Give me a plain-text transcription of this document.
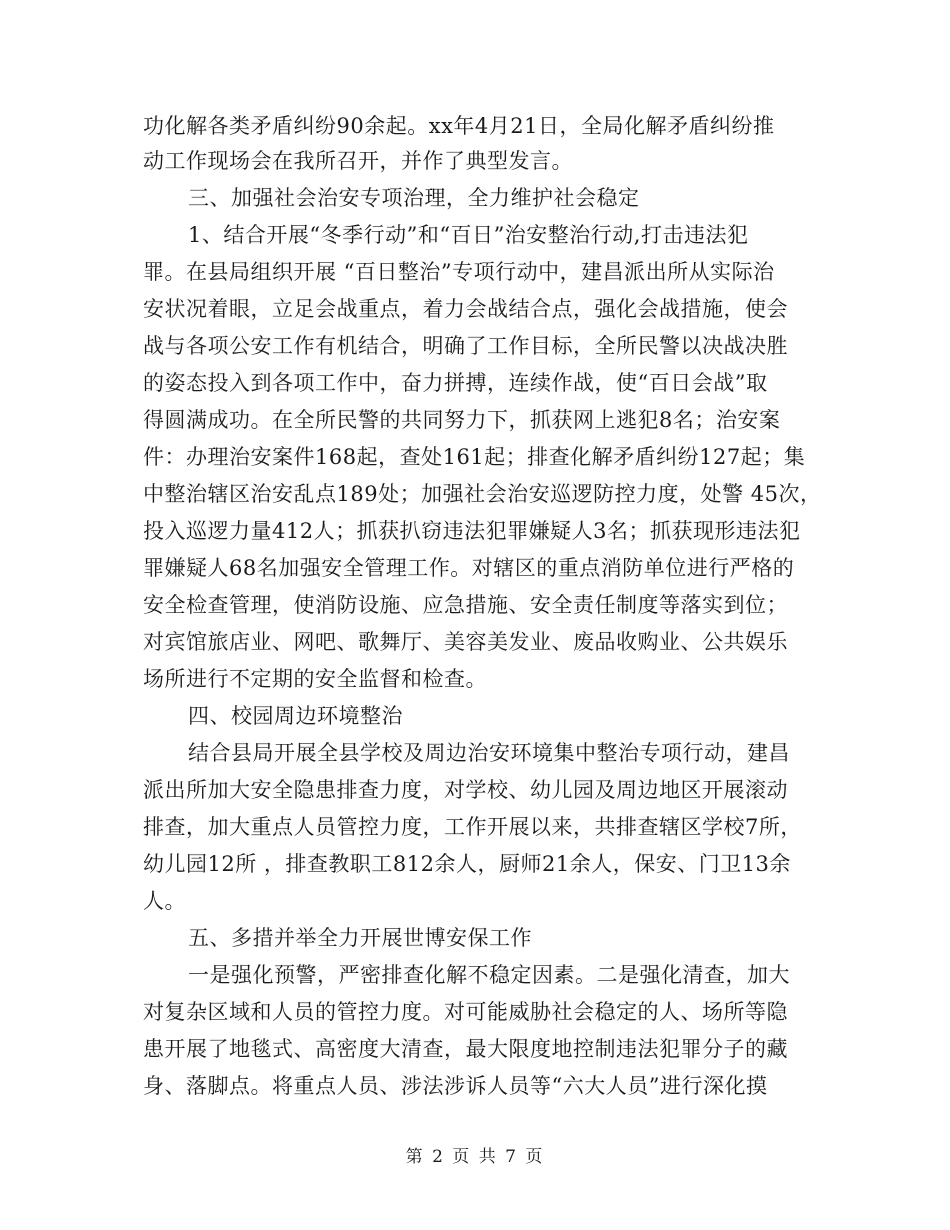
功化解各类矛盾纠纷90余起。xx年4月21日，全局化解矛盾纠纷推
动工作现场会在我所召开，并作了典型发言。
三、加强社会治安专项治理，全力维护社会稳定
1、结合开展“冬季行动”和“百日”治安整治行动,打击违法犯
罪。在县局组织开展 “百日整治”专项行动中，建昌派出所从实际治
安状况着眼，立足会战重点，着力会战结合点，强化会战措施，使会
战与各项公安工作有机结合，明确了工作目标，全所民警以决战决胜
的姿态投入到各项工作中，奋力拼搏，连续作战，使“百日会战”取
得圆满成功。在全所民警的共同努力下，抓获网上逃犯8名；治安案
件：办理治安案件168起，查处161起；排查化解矛盾纠纷127起；集
中整治辖区治安乱点189处；加强社会治安巡逻防控力度，处警 45次，
投入巡逻力量412人；抓获扒窃违法犯罪嫌疑人3名；抓获现形违法犯
罪嫌疑人68名加强安全管理工作。对辖区的重点消防单位进行严格的
安全检查管理，使消防设施、应急措施、安全责任制度等落实到位；
对宾馆旅店业、网吧、歌舞厅、美容美发业、废品收购业、公共娱乐
场所进行不定期的安全监督和检查。
四、校园周边环境整治
结合县局开展全县学校及周边治安环境集中整治专项行动，建昌
派出所加大安全隐患排查力度，对学校、幼儿园及周边地区开展滚动
排查，加大重点人员管控力度，工作开展以来，共排查辖区学校7所，
幼儿园12所 ，排查教职工812余人，厨师21余人，保安、门卫13余
人。
五、多措并举全力开展世博安保工作
一是强化预警，严密排查化解不稳定因素。二是强化清查，加大
对复杂区域和人员的管控力度。对可能威胁社会稳定的人、场所等隐
患开展了地毯式、高密度大清查，最大限度地控制违法犯罪分子的藏
身、落脚点。将重点人员、涉法涉诉人员等“六大人员”进行深化摸
第 2 页 共 7 页
